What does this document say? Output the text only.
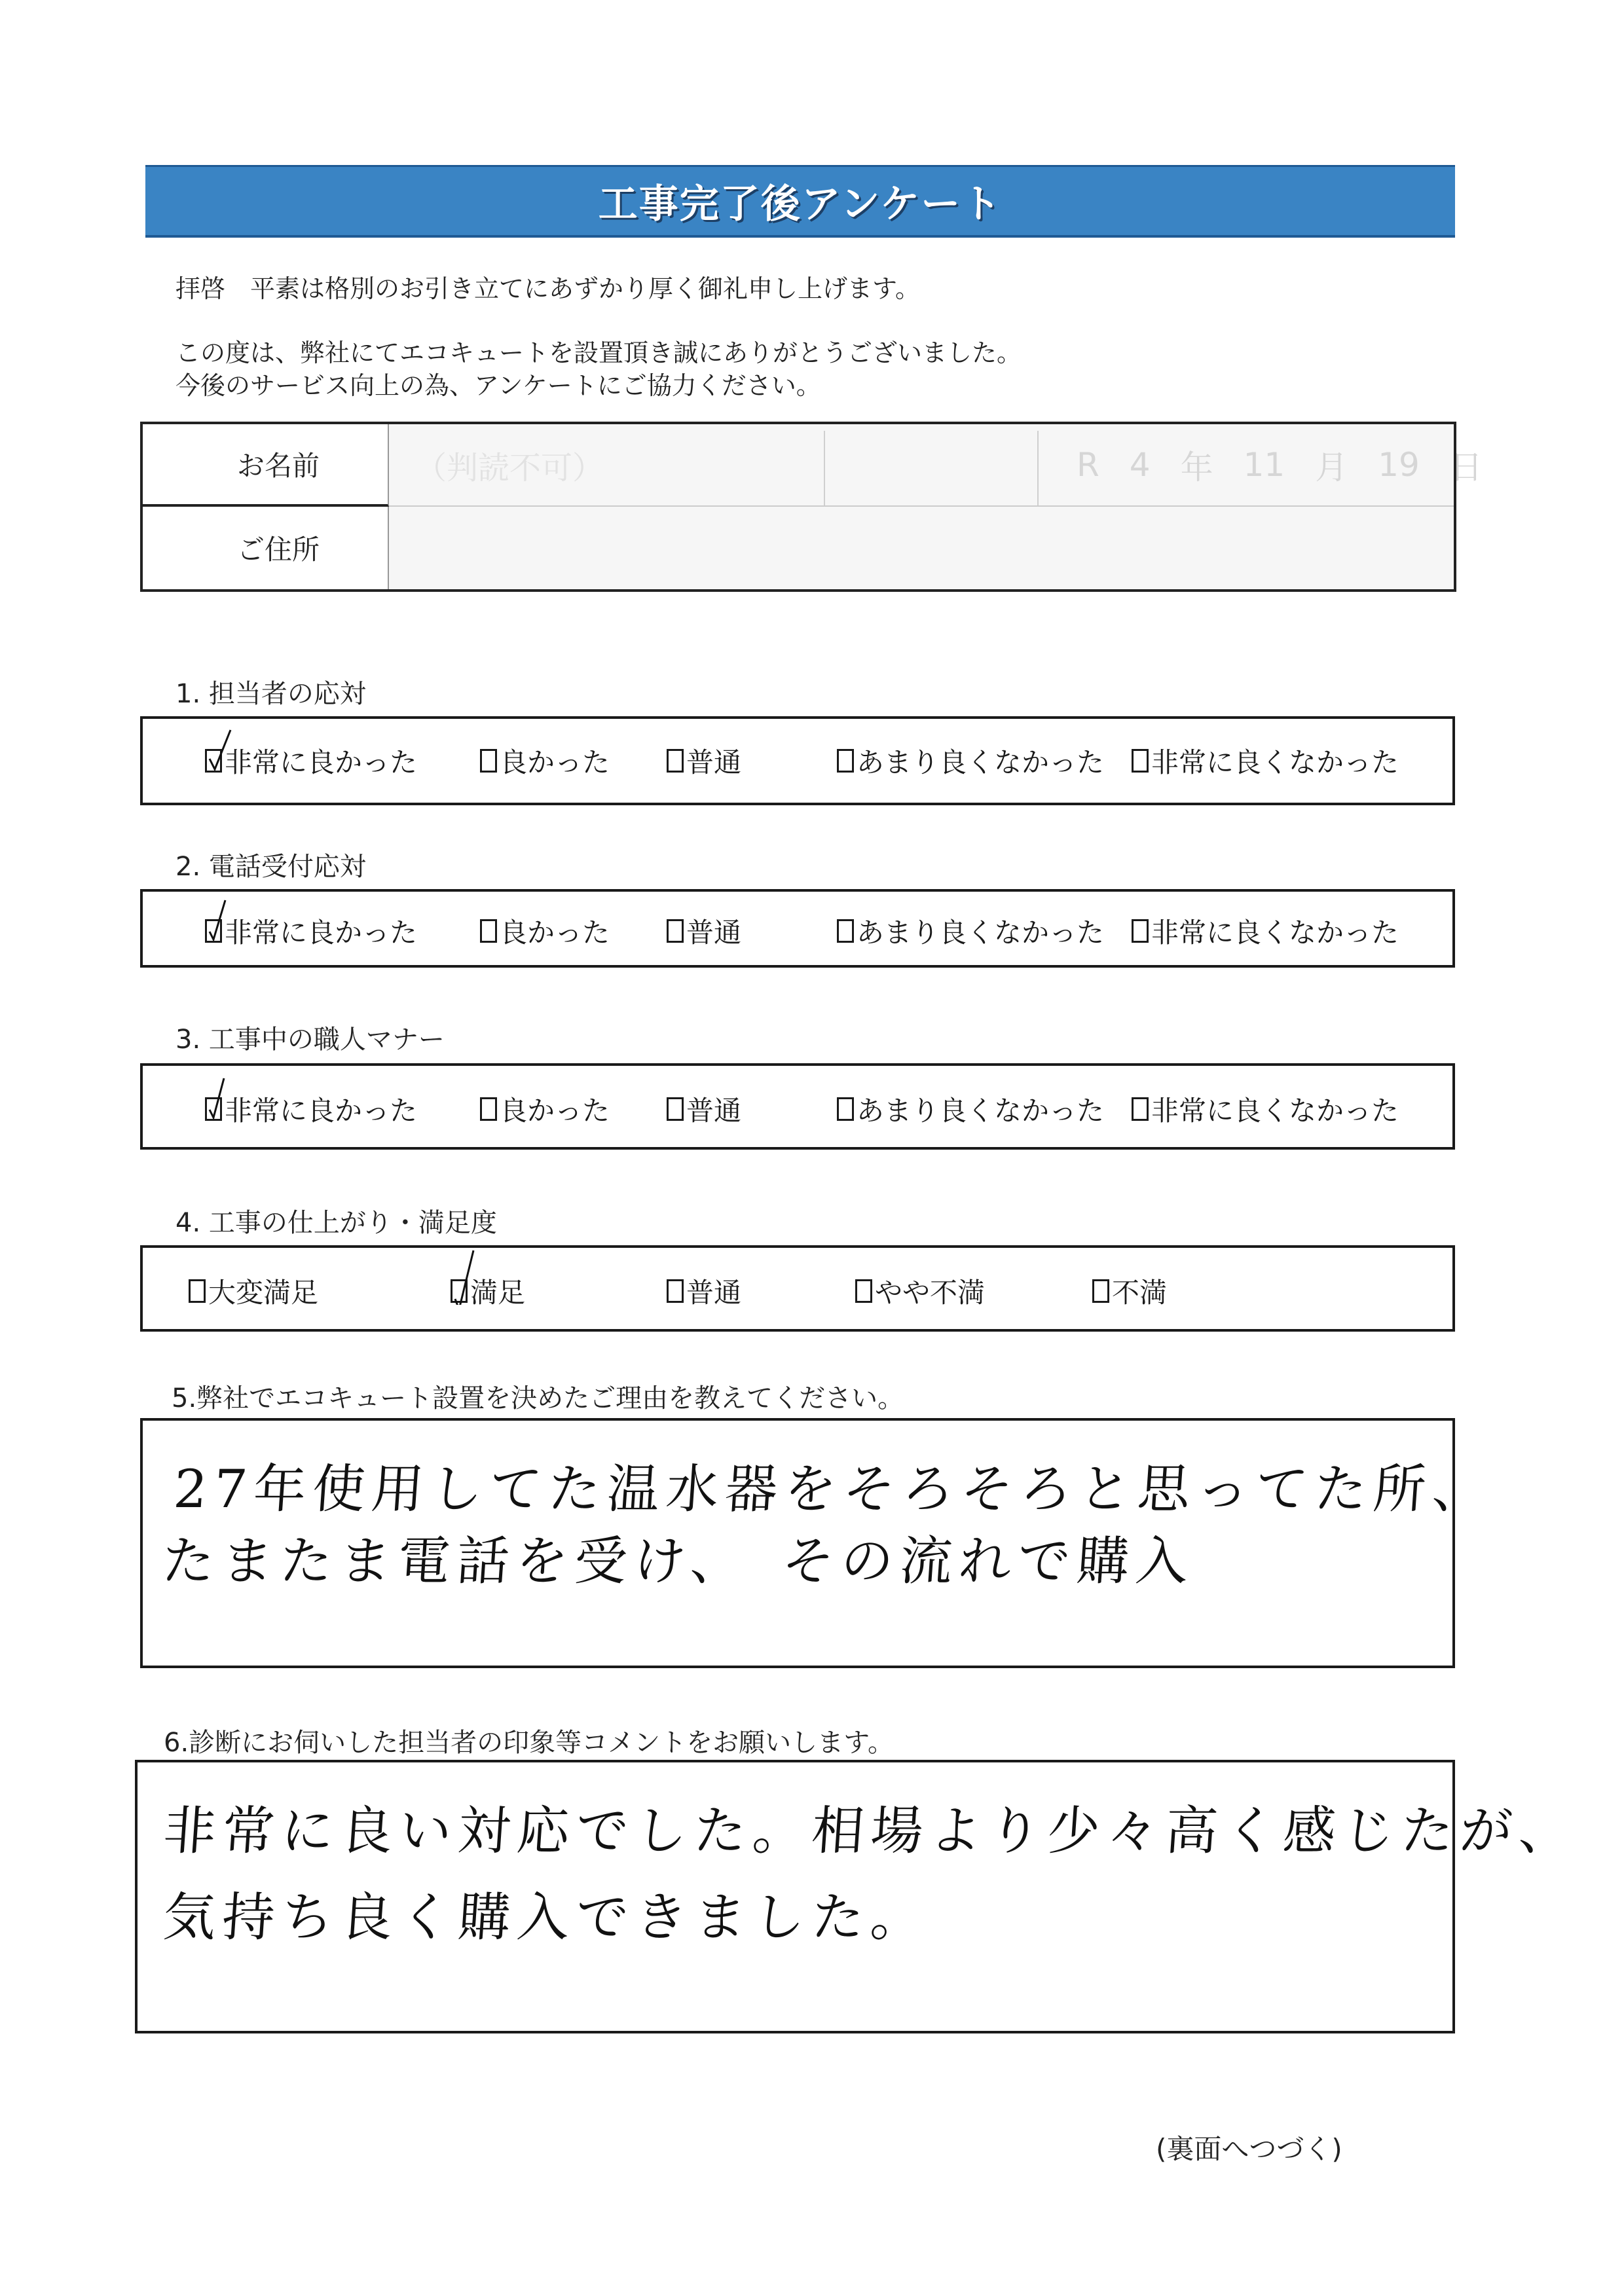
工事完了後アンケート
拝啓　平素は格別のお引き立てにあずかり厚く御礼申し上げます。
この度は、弊社にてエコキュートを設置頂き誠にありがとうございました。
今後のサービス向上の為、アンケートにご協力ください。
お名前	（判読不可）	R 4 年 11 月 19 日
ご住所
1. 担当者の応対
非常に良かった	良かった	普通	あまり良くなかった 非常に良くなかった
2. 電話受付応対
非常に良かった	良かった	普通	あまり良くなかった 非常に良くなかった
3. 工事中の職人マナー
非常に良かった	良かった	普通	あまり良くなかった 非常に良くなかった
4. 工事の仕上がり・満足度
大変満足	満足	普通	やや不満	不満
5.弊社でエコキュート設置を決めたご理由を教えてください。
27年使用してた温水器をそろそろと思ってた所、
たまたま電話を受け、　その流れで購入
6.診断にお伺いした担当者の印象等コメントをお願いします。
非常に良い対応でした。相場より少々高く感じたが、
気持ち良く購入できました。
(裏面へつづく)
